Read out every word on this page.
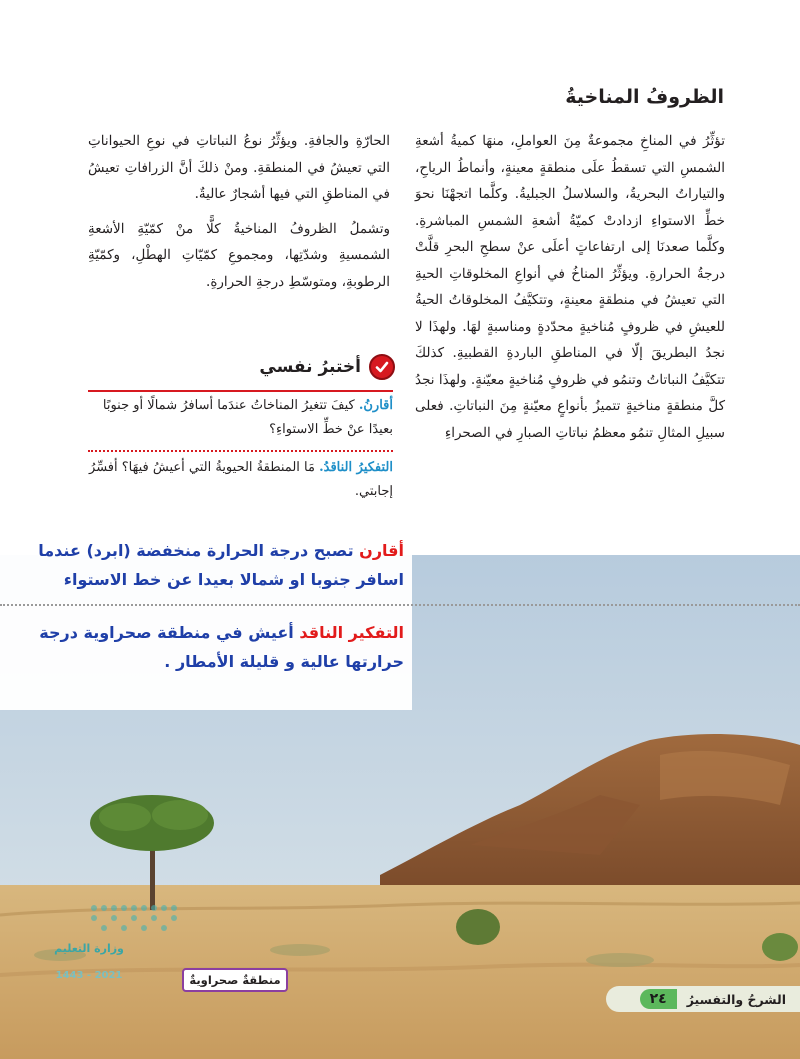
الظروفُ المناخيةُ

تؤثِّرُ في المناخِ مجموعةٌ مِنَ العواملِ، منهَا كميةُ أشعةِ الشمسِ التي تسقطُ علَى منطقةٍ معينةٍ، وأنماطُ الرياحِ، والتياراتُ البحريةُ، والسلاسلُ الجبليةُ. وكلَّما اتجهْنَا نحوَ خطِّ الاستواءِ ازدادتْ كميّةُ أشعةِ الشمسِ المباشرةِ. وكلَّما صعدنَا إلى ارتفاعاتٍ أعلَى عنْ سطحِ البحرِ قلَّتْ درجةُ الحرارةِ. ويؤثِّرُ المناخُ في أنواعِ المخلوقاتِ الحيةِ التي تعيشُ في منطقةٍ معينةٍ، وتتكيَّفُ المخلوقاتُ الحيةُ للعيشِ في ظروفٍ مُناخيةٍ محدّدةٍ ومناسبةٍ لهَا. ولهذَا لا نجدُ البطريقَ إلّا في المناطقِ الباردةِ القطبيةِ. كذلكَ تتكيَّفُ النباتاتُ وتنمُو في ظروفٍ مُناخيةٍ معيّنةٍ. ولهذَا نجدُ كلَّ منطقةٍ مناخيةٍ تتميزُ بأنواعٍ معيّنةٍ مِنَ النباتاتِ. فعلى سبيلِ المثالِ تنمُو معظمُ نباتاتِ الصبارِ في الصحراءِ

الحارّةِ والجافةِ. ويؤثِّرُ نوعُ النباتاتِ في نوعِ الحيواناتِ التي تعيشُ في المنطقةِ. ومنْ ذلكَ أنَّ الزرافاتِ تعيشُ في المناطقِ التي فيها أشجارٌ عاليةٌ.

وتشملُ الظروفُ المناخيةُ كلًّا منْ كمّيّةِ الأشعةِ الشمسيةِ وشدّتِها، ومجموعِ كمّيّاتِ الهطْلِ، وكمّيّةِ الرطوبةِ، ومتوسّطِ درجةِ الحرارةِ.

أختبرُ نفسي
أقارنُ. كيفَ تتغيرُ المناخاتُ عندَما أسافرُ شمالًا أو جنوبًا بعيدًا عنْ خطِّ الاستواءِ؟
التفكيرُ الناقدُ. مَا المنطقةُ الحيويةُ التي أعيشُ فيهَا؟ أفسِّرُ إجابتي.
أقارن تصبح درجة الحرارة منخفضة (ابرد) عندما اسافر جنوبا او شمالا بعيدا عن خط الاستواء
التفكير الناقد أعيش في منطقة صحراوية درجة حرارتها عالية و قليلة الأمطار .
وزارة التعليم
2021 - 1443	منطقةٌ صحراويةٌ
الشرحُ والتفسيرُ
٢٤
